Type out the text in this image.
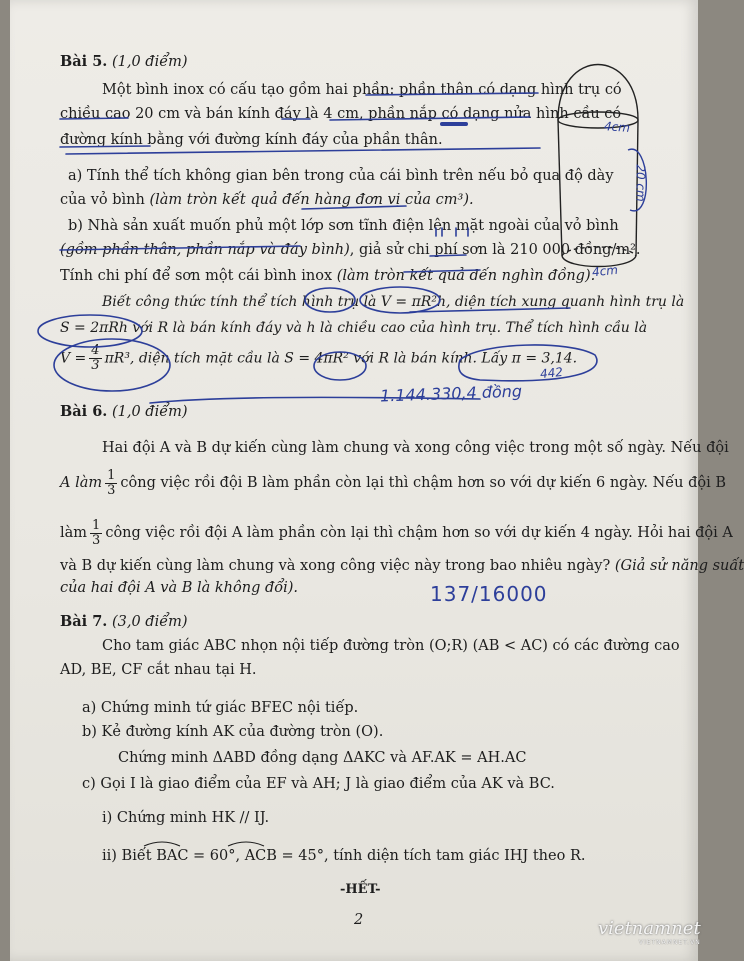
Bài 5. (1,0 điểm)
Một bình inox có cấu tạo gồm hai phần: phần thân có dạng hình trụ có
chiều cao 20 cm và bán kính đáy là 4 cm, phần nắp có dạng nửa hình cầu có
đường kính bằng với đường kính đáy của phần thân.
a) Tính thể tích không gian bên trong của cái bình trên nếu bỏ qua độ dày
của vỏ bình (làm tròn kết quả đến hàng đơn vị của cm³).
b) Nhà sản xuất muốn phủ một lớp sơn tĩnh điện lên mặt ngoài của vỏ bình
(gồm phần thân, phần nắp và đáy bình), giả sử chi phí sơn là 210 000 đồng/m².
Tính chi phí để sơn một cái bình inox (làm tròn kết quả đến nghìn đồng).
Biết công thức tính thể tích hình trụ là V = πR²h, diện tích xung quanh hình trụ là
S = 2πRh với R là bán kính đáy và h là chiều cao của hình trụ. Thể tích hình cầu là
$V = \frac{4}{3} \pi R^3$, diện tích mặt cầu là S = 4πR² với R là bán kính. Lấy π = 3,14.
Bài 6. (1,0 điểm)
Hai đội A và B dự kiến cùng làm chung và xong công việc trong một số ngày. Nếu đội
A làm $\frac{1}{3}$ công việc rồi đội B làm phần còn lại thì chậm hơn so với dự kiến 6 ngày. Nếu đội B
làm $\frac{1}{3}$ công việc rồi đội A làm phần còn lại thì chậm hơn so với dự kiến 4 ngày. Hỏi hai đội A
và B dự kiến cùng làm chung và xong công việc này trong bao nhiêu ngày? (Giả sử năng suất
của hai đội A và B là không đổi).
Bài 7. (3,0 điểm)
Cho tam giác ABC nhọn nội tiếp đường tròn (O;R) (AB < AC) có các đường cao
AD, BE, CF cắt nhau tại H.
a) Chứng minh tứ giác BFEC nội tiếp.
b) Kẻ đường kính AK của đường tròn (O).
Chứng minh ΔABD đồng dạng ΔAKC và AF.AK = AH.AC
c) Gọi I là giao điểm của EF và AH; J là giao điểm của AK và BC.
i) Chứng minh HK // IJ.
ii) Biết BAC = 60°, ACB = 45°, tính diện tích tam giác IHJ theo R.
-HẾT-
2	vietnamnet
VIETNAMNET.VN
4cm
20 cm
4cm
442
1.144.330,4 đồng
137/16000
